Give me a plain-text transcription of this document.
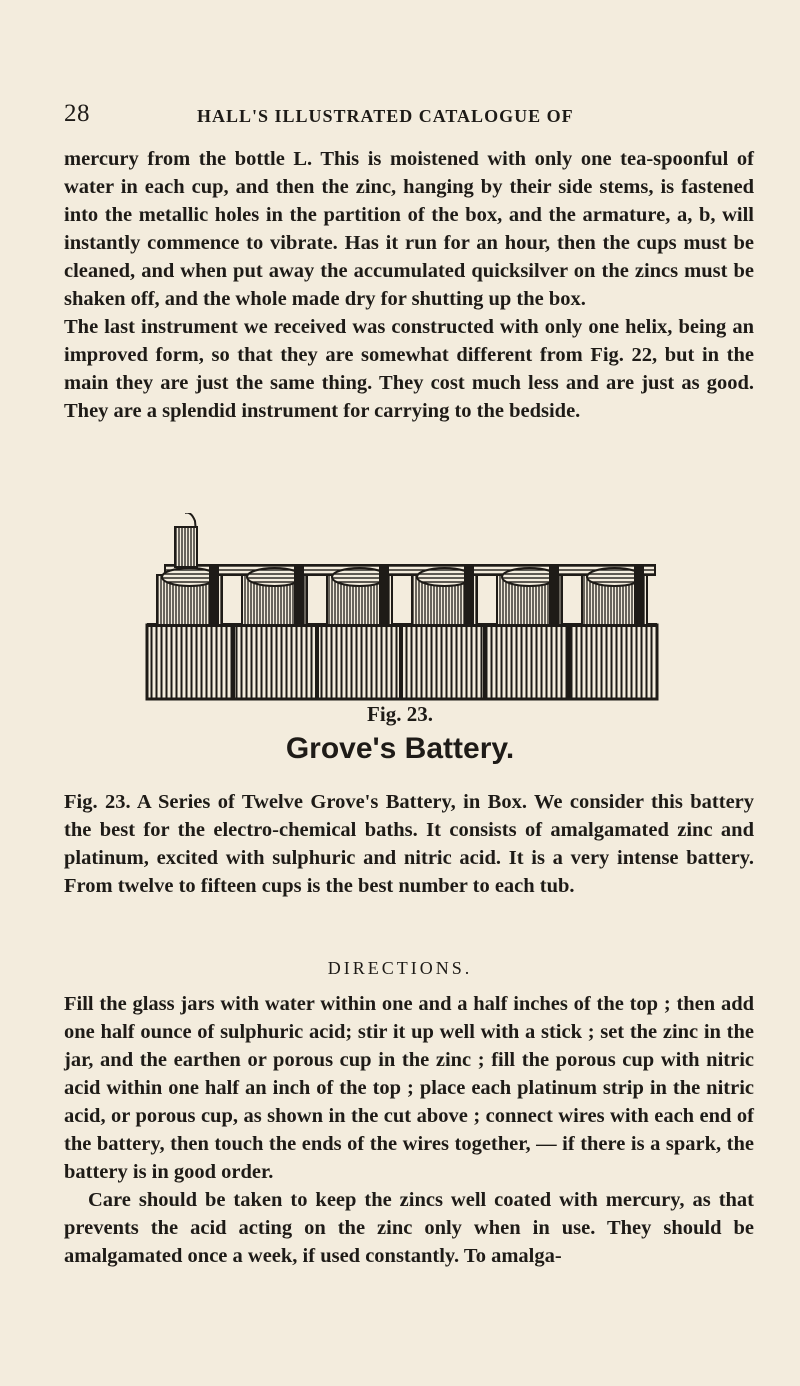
28	HALL'S ILLUSTRATED CATALOGUE OF

mercury from the bottle L. This is moistened with only one tea-spoonful of water in each cup, and then the zinc, hanging by their side stems, is fastened into the metallic holes in the partition of the box, and the armature, a, b, will instantly commence to vibrate. Has it run for an hour, then the cups must be cleaned, and when put away the accumulated quicksilver on the zincs must be shaken off, and the whole made dry for shutting up the box.

The last instrument we received was constructed with only one helix, being an improved form, so that they are somewhat different from Fig. 22, but in the main they are just the same thing. They cost much less and are just as good. They are a splendid instrument for carrying to the bedside.

Fig. 23.
Grove's Battery.

Fig. 23. A Series of Twelve Grove's Battery, in Box. We consider this battery the best for the electro-chemical baths. It consists of amalgamated zinc and platinum, excited with sulphuric and nitric acid. It is a very intense battery. From twelve to fifteen cups is the best number to each tub.

DIRECTIONS.

Fill the glass jars with water within one and a half inches of the top ; then add one half ounce of sulphuric acid; stir it up well with a stick ; set the zinc in the jar, and the earthen or porous cup in the zinc ; fill the porous cup with nitric acid within one half an inch of the top ; place each platinum strip in the nitric acid, or porous cup, as shown in the cut above ; connect wires with each end of the battery, then touch the ends of the wires together, — if there is a spark, the battery is in good order.

Care should be taken to keep the zincs well coated with mercury, as that prevents the acid acting on the zinc only when in use. They should be amalgamated once a week, if used constantly. To amalga-
